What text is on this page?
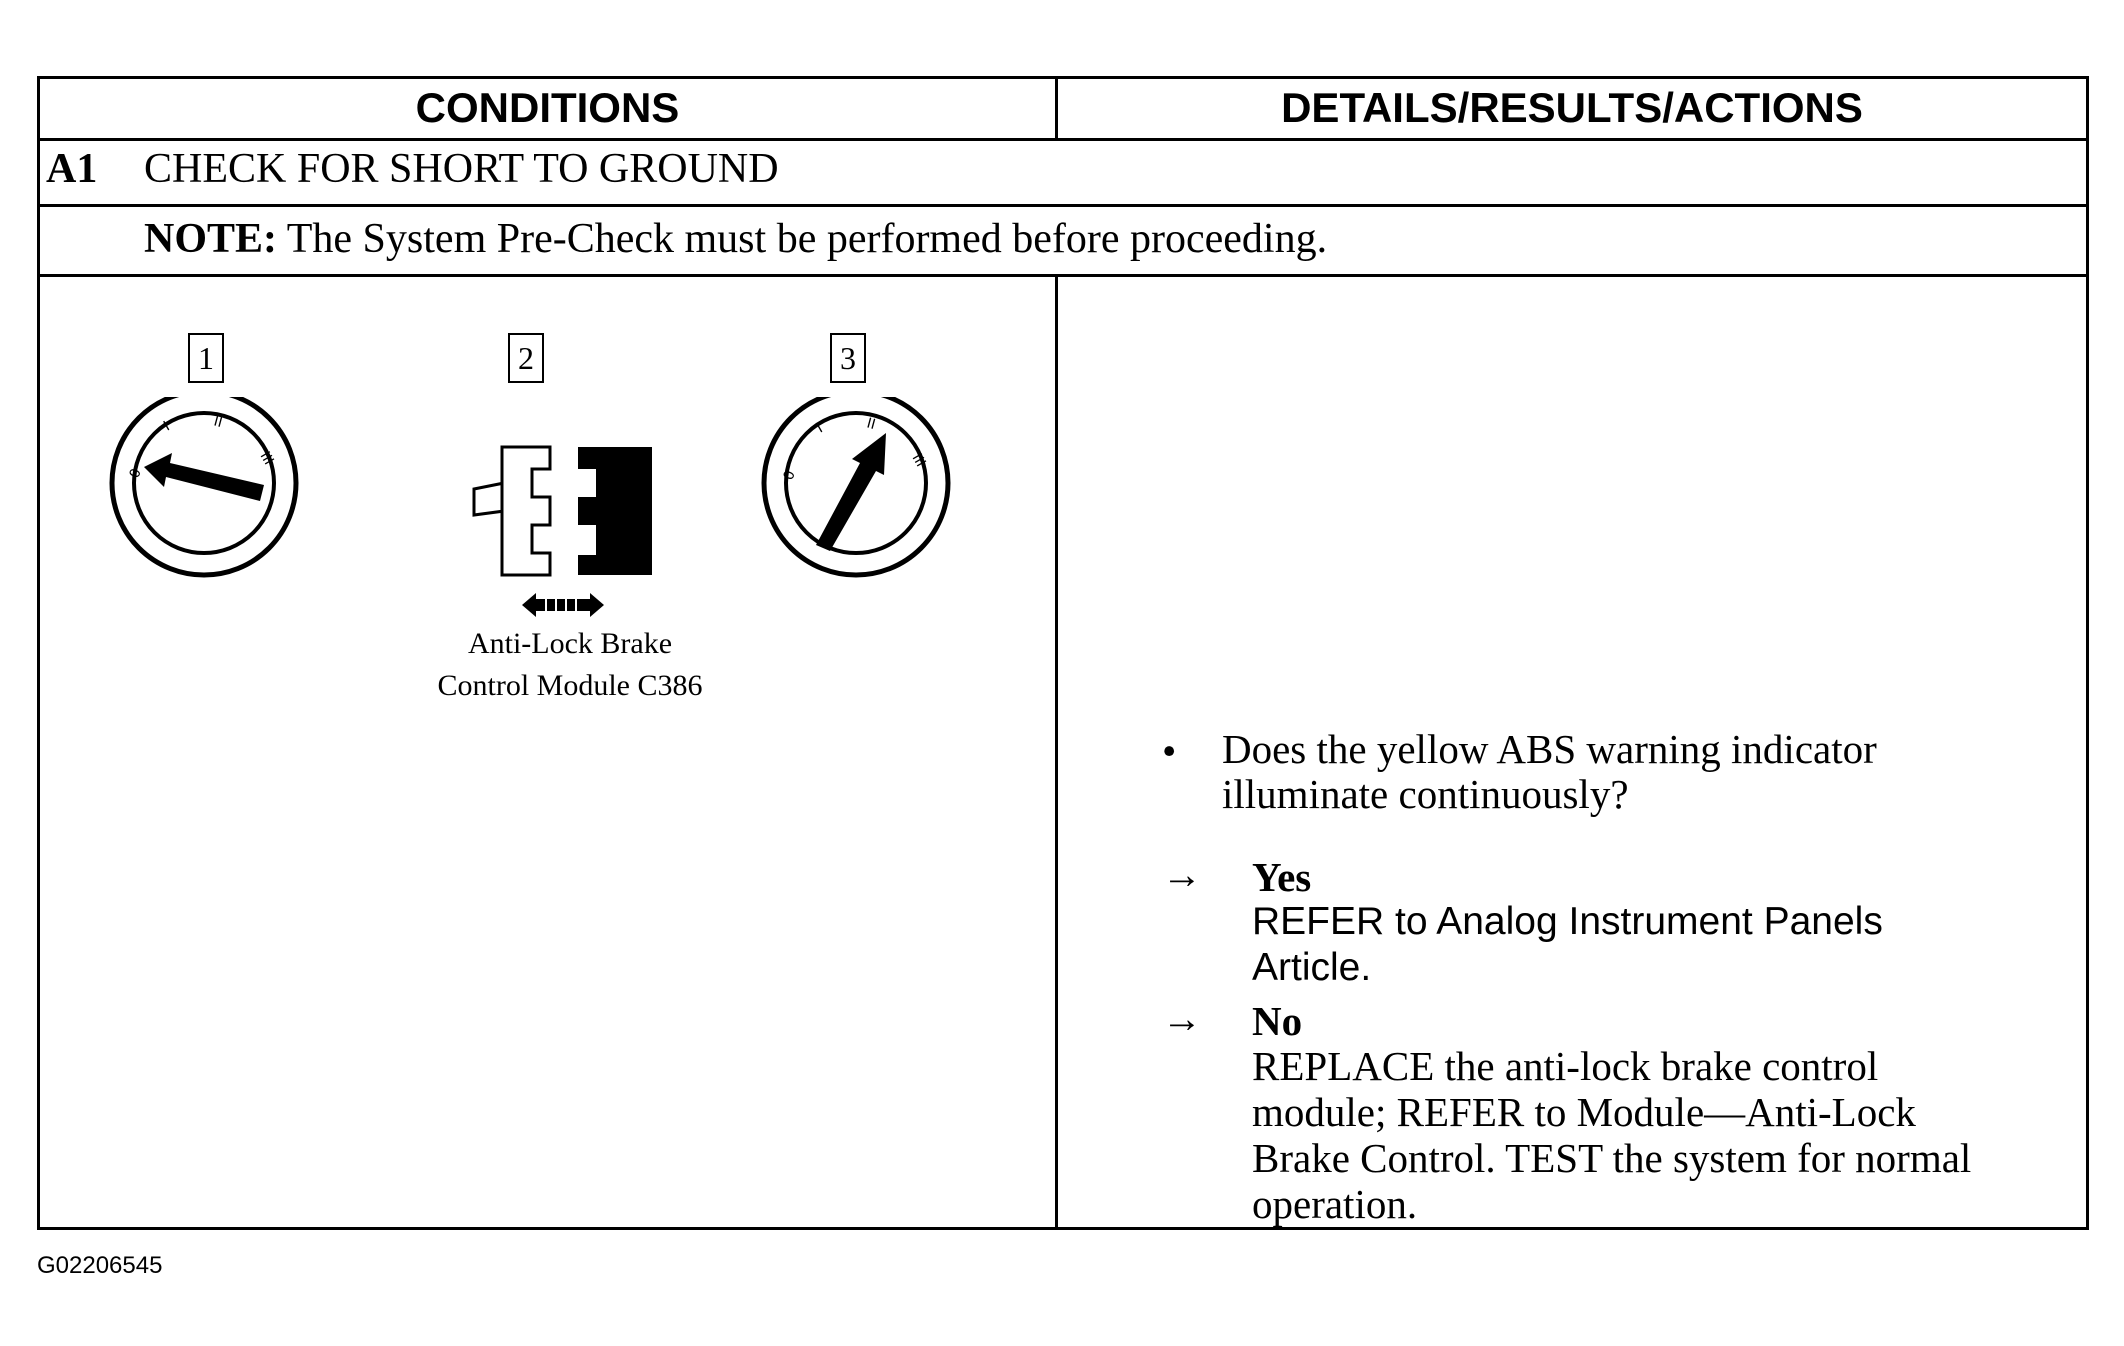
CONDITIONS	DETAILS/RESULTS/ACTIONS
A1 CHECK FOR SHORT TO GROUND
NOTE: The System Pre-Check must be performed before proceeding.
1	2	3
0
I	II
III
0
I	II
III
Anti-Lock Brake
Control Module C386
• Does the yellow ABS warning indicator
illuminate continuously?
→ Yes
REFER to Analog Instrument Panels
Article.
→ No
REPLACE the anti-lock brake control
module; REFER to Module—Anti-Lock
Brake Control. TEST the system for normal
operation.
G02206545
